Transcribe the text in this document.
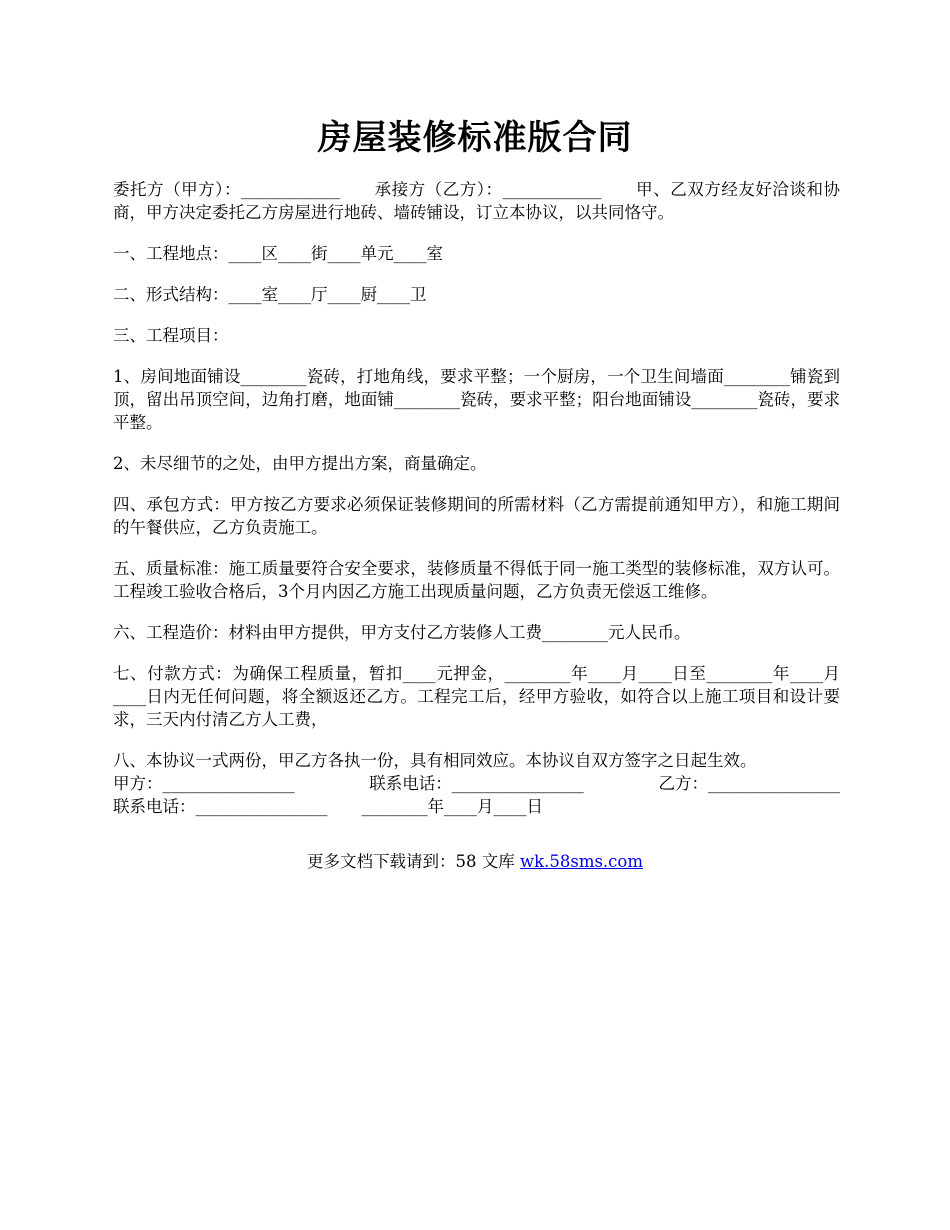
房屋装修标准版合同

委托方（甲方）：____________　　承接方（乙方）：____________　　甲、乙双方经友好洽谈和协商，甲方决定委托乙方房屋进行地砖、墙砖铺设，订立本协议，以共同恪守。

一、工程地点：____区____街____单元____室

二、形式结构：____室____厅____厨____卫

三、工程项目：

1、房间地面铺设________瓷砖，打地角线，要求平整；一个厨房，一个卫生间墙面________铺瓷到顶，留出吊顶空间，边角打磨，地面铺________瓷砖，要求平整；阳台地面铺设________瓷砖，要求平整。

2、未尽细节的之处，由甲方提出方案，商量确定。

四、承包方式：甲方按乙方要求必须保证装修期间的所需材料（乙方需提前通知甲方），和施工期间的午餐供应，乙方负责施工。

五、质量标准：施工质量要符合安全要求，装修质量不得低于同一施工类型的装修标准，双方认可。工程竣工验收合格后，3个月内因乙方施工出现质量问题，乙方负责无偿返工维修。

六、工程造价：材料由甲方提供，甲方支付乙方装修人工费________元人民币。

七、付款方式：为确保工程质量，暂扣____元押金，________年____月____日至________年____月____日内无任何问题，将全额返还乙方。工程完工后，经甲方验收，如符合以上施工项目和设计要求，三天内付清乙方人工费，

八、本协议一式两份，甲乙方各执一份，具有相同效应。本协议自双方签字之日起生效。

甲方：________________	联系电话：________________	乙方：________________
联系电话：________________ ________年____月____日
更多文档下载请到：58 文库 wk.58sms.com
